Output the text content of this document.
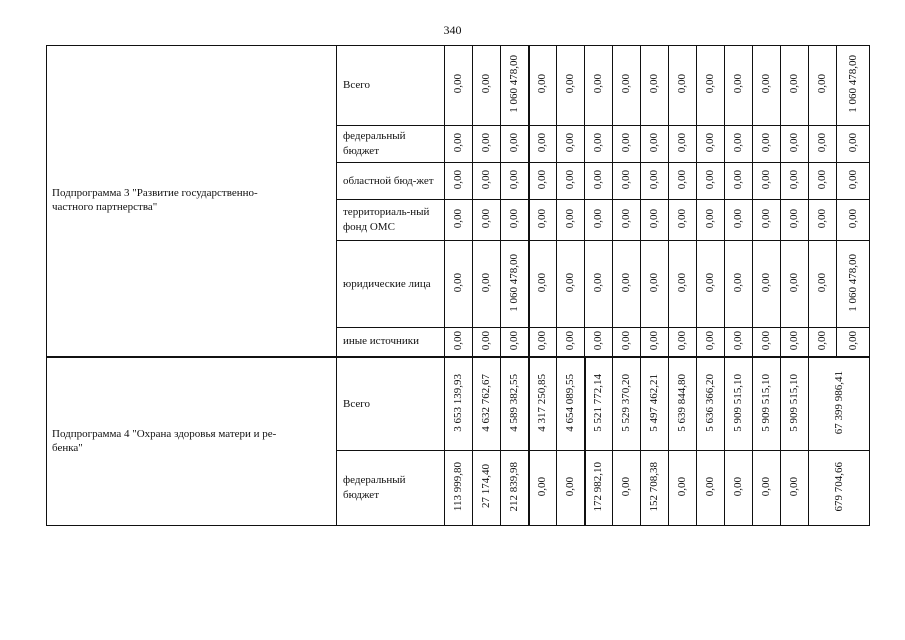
340
Подпрограмма 3 "Развитие государственно-частного партнерства"	Всего	0,00	0,00	1 060 478,00	0,00	0,00	0,00	0,00	0,00	0,00	0,00	0,00	0,00	0,00	0,00	1 060 478,00
	федеральный бюджет	0,00	0,00	0,00	0,00	0,00	0,00	0,00	0,00	0,00	0,00	0,00	0,00	0,00	0,00	0,00
	областной бюд-жет	0,00	0,00	0,00	0,00	0,00	0,00	0,00	0,00	0,00	0,00	0,00	0,00	0,00	0,00	0,00
	территориаль-ный фонд ОМС	0,00	0,00	0,00	0,00	0,00	0,00	0,00	0,00	0,00	0,00	0,00	0,00	0,00	0,00	0,00
	юридические лица	0,00	0,00	1 060 478,00	0,00	0,00	0,00	0,00	0,00	0,00	0,00	0,00	0,00	0,00	0,00	1 060 478,00
	иные источники	0,00	0,00	0,00	0,00	0,00	0,00	0,00	0,00	0,00	0,00	0,00	0,00	0,00	0,00	0,00
Подпрограмма 4 "Охрана здоровья матери и ре-бенка"	Всего	3 653 139,93	4 632 762,67	4 589 382,55	4 317 250,85	4 654 089,55	5 521 772,14	5 529 370,20	5 497 462,21	5 639 844,80	5 636 366,20	5 909 515,10	5 909 515,10	5 909 515,10	67 399 986,41	
	федеральный бюджет	113 999,80	27 174,40	212 839,98	0,00	0,00	172 982,10	0,00	152 708,38	0,00	0,00	0,00	0,00	0,00	679 704,66	
